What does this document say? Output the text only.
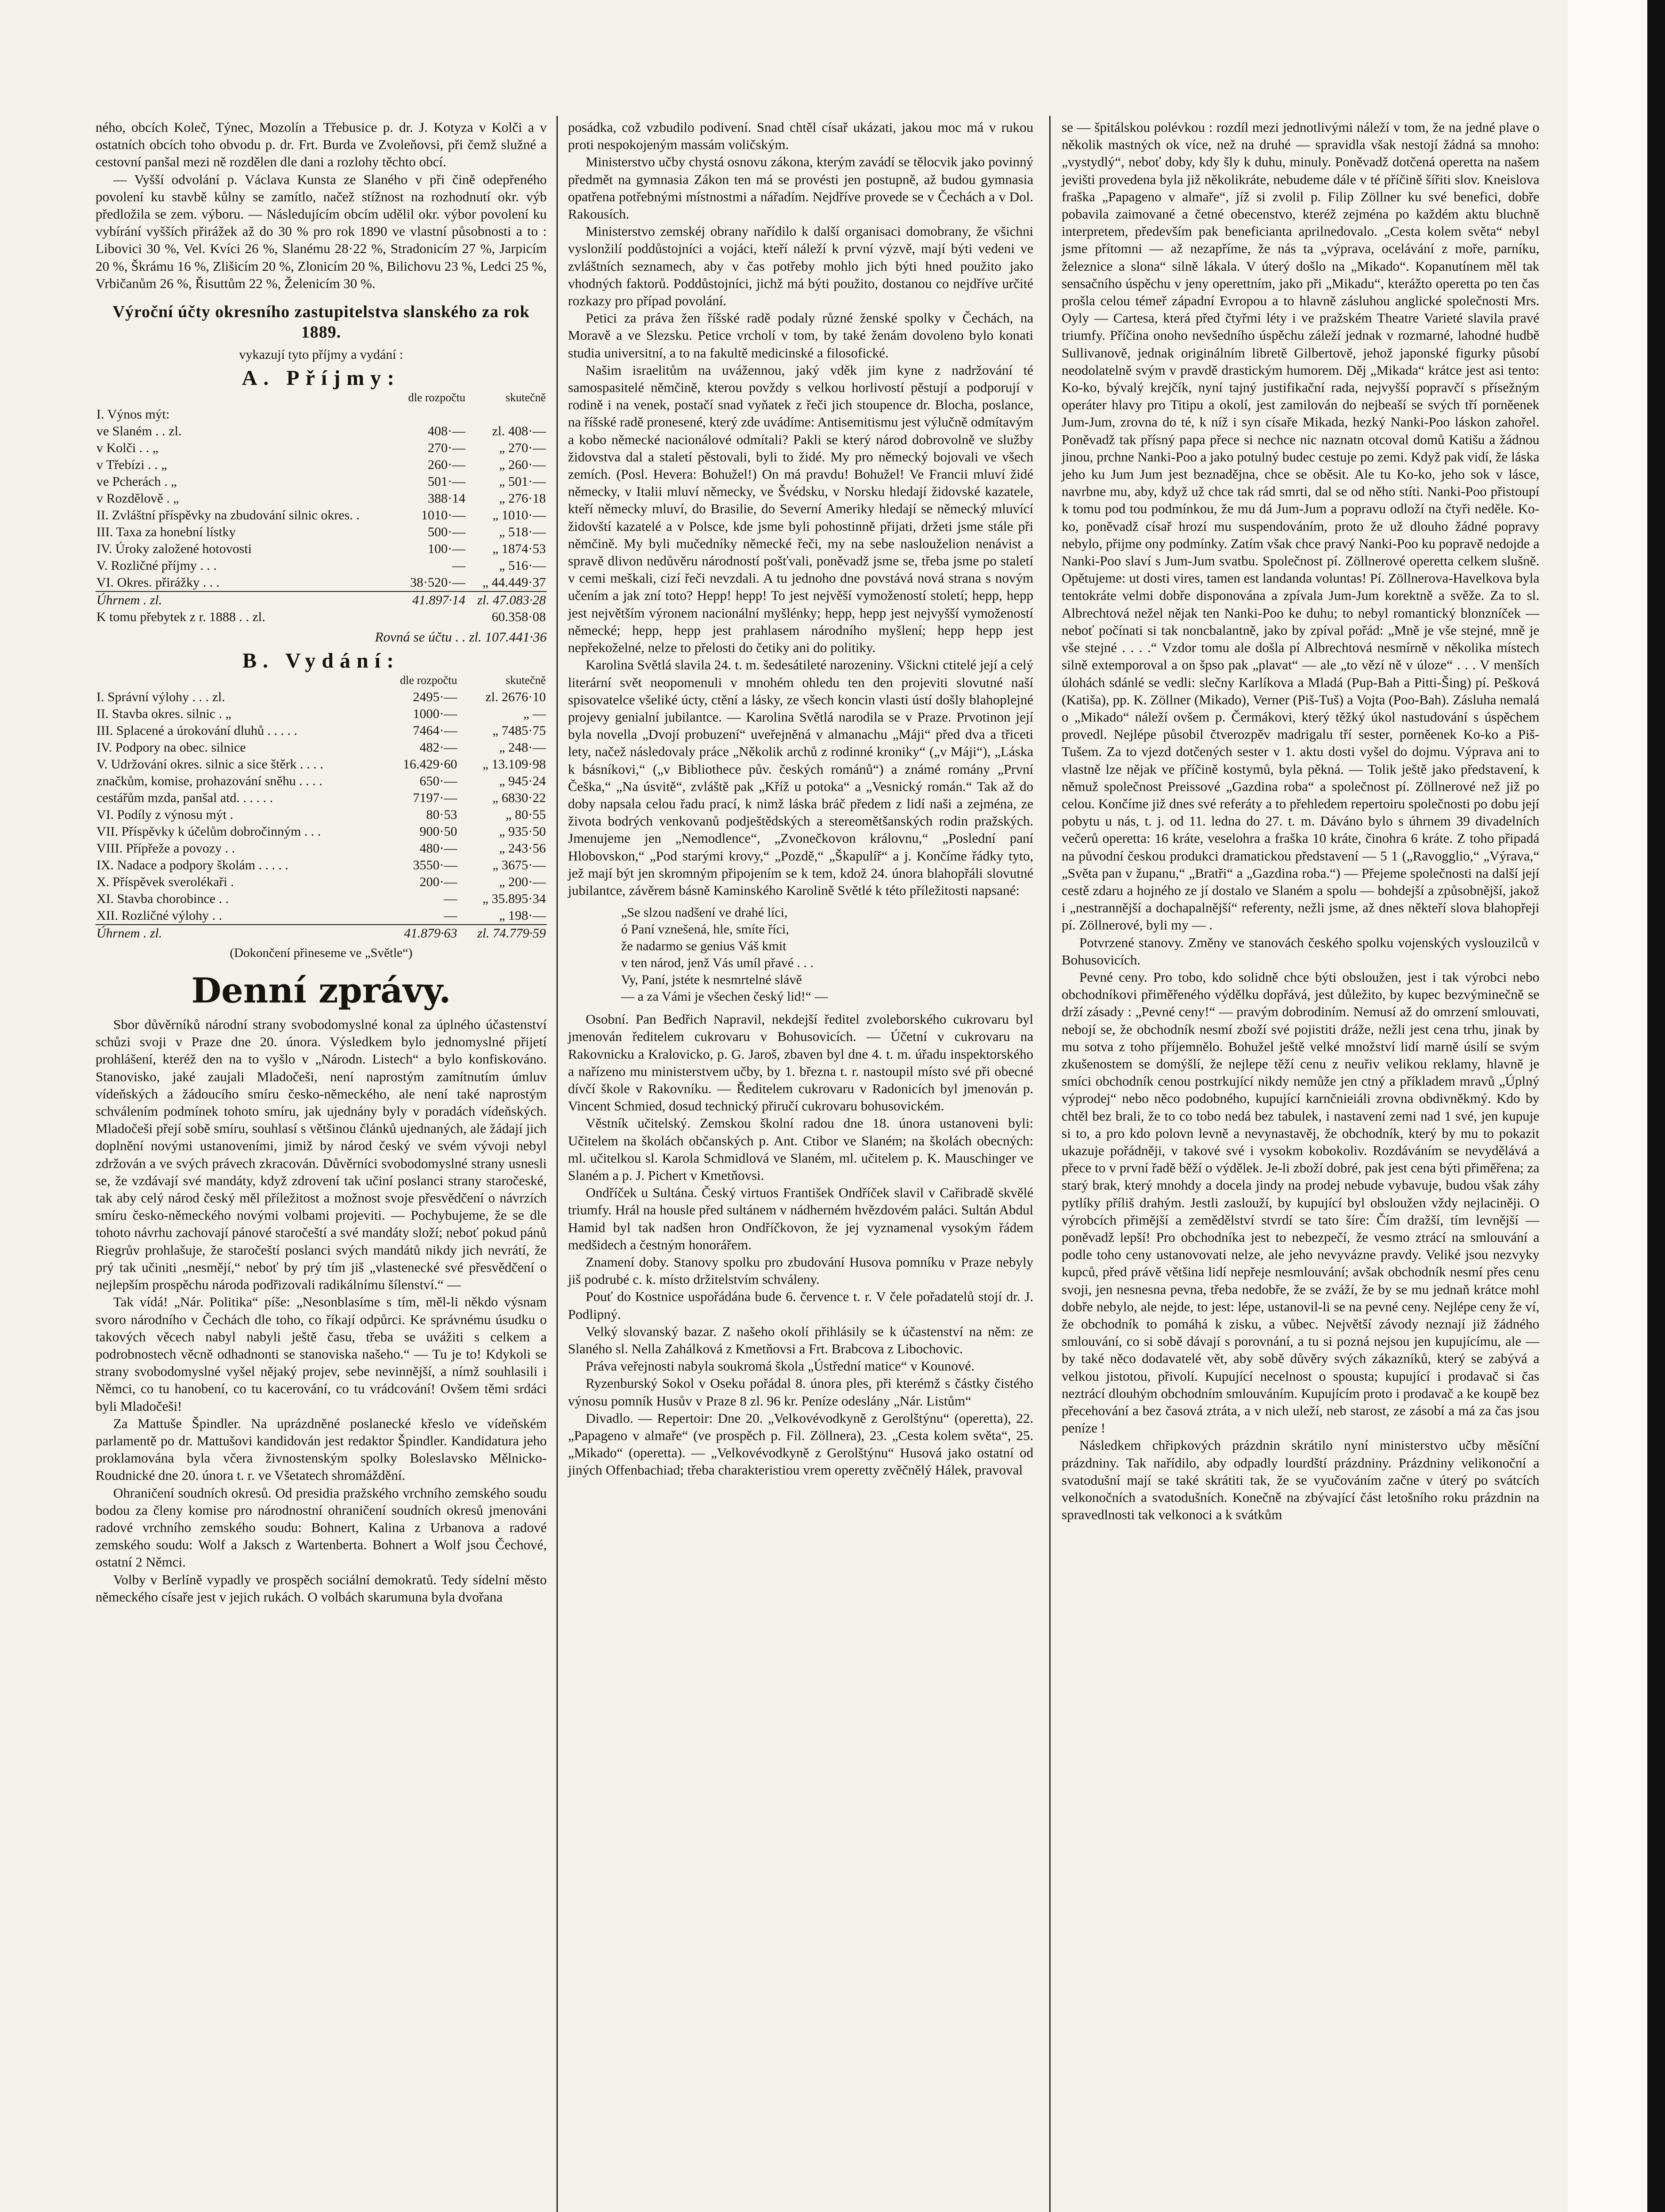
ného, obcích Koleč, Týnec, Mozolín a Třebusice p. dr. J. Kotyza v Kolči a v ostatních obcích toho obvodu p. dr. Frt. Burda ve Zvoleňovsi, při čemž služné a cestovní panšal mezi ně rozdělen dle dani a rozlohy těchto obcí.

— Vyšší odvolání p. Václava Kunsta ze Slaného v při čině odepřeného povolení ku stavbě kůlny se zamítlo, načež stížnost na rozhodnutí okr. výb předložila se zem. výboru. — Následujícím obcím udělil okr. výbor povolení ku vybírání vyšších přirážek až do 30 % pro rok 1890 ve vlastní působnosti a to : Libovici 30 %, Vel. Kvíci 26 %, Slanému 28·22 %, Stradonicím 27 %, Jarpicím 20 %, Škrámu 16 %, Zlišicím 20 %, Zlonicím 20 %, Bilichovu 23 %, Ledci 25 %, Vrbičanům 26 %, Řisuttům 22 %, Želenicím 30 %.

Výroční účty okresního zastupitelstva slanského za rok 1889.
vykazují tyto příjmy a vydání :
A. Příjmy:
	dle rozpočtu	skutečně
I. Výnos mýt:		
ve Slaném . . zl.	408·—	zl. 408·—
v Kolči . . „	270·—	„ 270·—
v Třebízi . . „	260·—	„ 260·—
ve Pcherách . „	501·—	„ 501·—
v Rozdělově . „	388·14	„ 276·18
II. Zvláštní příspěvky na zbudování silnic okres. .	1010·—	„ 1010·—
III. Taxa za honební lístky	500·—	„ 518·—
IV. Úroky založené hotovosti	100·—	„ 1874·53
V. Rozličné příjmy . . .	—	„ 516·—
VI. Okres. přirážky . . .	38·520·—	„ 44.449·37
Úhrnem . zl.	41.897·14	zl. 47.083·28
K tomu přebytek z r. 1888 . . zl.		60.358·08
Rovná se účtu . . zl. 107.441·36
B. Vydání:
	dle rozpočtu	skutečně
I. Správní výlohy . . . zl.	2495·—	zl. 2676·10
II. Stavba okres. silnic . „	1000·—	„ —
III. Splacené a úrokování dluhů . . . . .	7464·—	„ 7485·75
IV. Podpory na obec. silnice	482·—	„ 248·—
V. Udržování okres. silnic a sice štěrk . . . .	16.429·60	„ 13.109·98
značkům, komise, prohazování sněhu . . . .	650·—	„ 945·24
cestářům mzda, panšal atd. . . . . .	7197·—	„ 6830·22
VI. Podíly z výnosu mýt .	80·53	„ 80·55
VII. Příspěvky k účelům dobročinným . . .	900·50	„ 935·50
VIII. Přípřeže a povozy . .	480·—	„ 243·56
IX. Nadace a podpory školám . . . . .	3550·—	„ 3675·—
X. Příspěvek sverolékaři .	200·—	„ 200·—
XI. Stavba chorobince . .	—	„ 35.895·34
XII. Rozličné výlohy . .	—	„ 198·—
Úhrnem . zl.	41.879·63	zl. 74.779·59
(Dokončení přineseme ve „Světle“)
Denní zprávy.

Sbor důvěrníků národní strany svobodomyslné konal za úplného účastenství schůzi svoji v Praze dne 20. února. Výsledkem bylo jednomyslné přijetí prohlášení, kteréž den na to vyšlo v „Národn. Listech“ a bylo konfiskováno. Stanovisko, jaké zaujali Mladočeši, není naprostým zamítnutím úmluv vídeňských a žádoucího smíru česko-německého, ale není také naprostým schválením podmínek tohoto smíru, jak ujednány byly v poradách vídeňských. Mladočeši přejí sobě smíru, souhlasí s většinou článků ujednaných, ale žádají jich doplnění novými ustanoveními, jimiž by národ český ve svém vývoji nebyl zdržován a ve svých právech zkracován. Důvěrníci svobodomyslné strany usnesli se, že vzdávají své mandáty, když zdrovení tak učiní poslanci strany staročeské, tak aby celý národ český měl příležitost a možnost svoje přesvědčení o návrzích smíru česko-německého novými volbami projeviti. — Pochybujeme, že se dle tohoto návrhu zachovají pánové staročeští a své mandáty složí; neboť pokud pánů Riegrův prohlašuje, že staročeští poslanci svých mandátů nikdy jich nevrátí, že prý tak učiniti „nesmějí,“ neboť by prý tím jiš „vlastenecké své přesvědčení o nejlepším prospěchu národa podřizovali radikálnímu šílenství.“ —

Tak vídá! „Nár. Politika“ píše: „Nesonblasíme s tím, měl-li někdo výsnam svoro národního v Čechách dle toho, co říkají odpůrci. Ke správnému úsudku o takových věcech nabyl nabyli ještě času, třeba se uvážiti s celkem a podrobnostech věcně odhadnonti se stanoviska našeho.“ — Tu je to! Kdykoli se strany svobodomyslné vyšel nějaký projev, sebe nevinnější, a nímž souhlasili i Němci, co tu hanobení, co tu kacerování, co tu vrádcování! Ovšem těmi srdáci byli Mladočeši!

Za Mattuše Špindler. Na uprázdněné poslanecké křeslo ve vídeňském parlamentě po dr. Mattušovi kandidován jest redaktor Špindler. Kandidatura jeho proklamována byla včera živnostenským spolky Boleslavsko Mělnicko-Roudnické dne 20. února t. r. ve Všetatech shromáždění.

Ohraničení soudních okresů. Od presidia pražského vrchního zemského soudu bodou za členy komise pro národnostní ohraničení soudních okresů jmenováni radové vrchního zemského soudu: Bohnert, Kalina z Urbanova a radové zemského soudu: Wolf a Jaksch z Wartenberta. Bohnert a Wolf jsou Čechové, ostatní 2 Němci.

Volby v Berlíně vypadly ve prospěch sociální demokratů. Tedy sídelní město německého císaře jest v jejich rukách. O volbách skarumuna byla dvořana

posádka, což vzbudilo podivení. Snad chtěl císař ukázati, jakou moc má v rukou proti nespokojeným massám voličským.

Ministerstvo učby chystá osnovu zákona, kterým zavádí se tělocvik jako povinný předmět na gymnasia Zákon ten má se provésti jen postupně, až budou gymnasia opatřena potřebnými místnostmi a nářadím. Nejdříve provede se v Čechách a v Dol. Rakousích.

Ministerstvo zemskéj obrany nařídilo k další organisaci domobrany, že všichni vyslonžilí poddůstojníci a vojáci, kteří náleží k první výzvě, mají býti vedeni ve zvláštních seznamech, aby v čas potřeby mohlo jich býti hned použito jako vhodných faktorů. Poddůstojníci, jichž má býti použito, dostanou co nejdříve určité rozkazy pro případ povolání.

Petici za práva žen říšské radě podaly různé ženské spolky v Čechách, na Moravě a ve Slezsku. Petice vrcholí v tom, by také ženám dovoleno bylo konati studia universitní, a to na fakultě medicinské a filosofické.

Našim israelitům na uvážennou, jaký vděk jim kyne z nadržování té samospasitelé němčině, kterou povždy s velkou horlivostí pěstují a podporují v rodině i na venek, postačí snad vyňatek z řeči jich stoupence dr. Blocha, poslance, na říšské radě pronesené, který zde uvádíme: Antisemitismu jest výlučně odmítavým a kobo německé nacionálové odmítali? Pakli se který národ dobrovolně ve služby židovstva dal a staletí pěstovali, byli to židé. My pro německý bojovali ve všech zemích. (Posl. Hevera: Bohužel!) On má pravdu! Bohužel! Ve Francii mluví židé německy, v Italii mluví německy, ve Švédsku, v Norsku hledají židovské kazatele, kteří německy mluví, do Brasilie, do Severní Ameriky hledají se německý mluvící židovští kazatelé a v Polsce, kde jsme byli pohostinně přijati, držeti jsme stále při němčině. My byli mučedníky německé řeči, my na sebe naslouželion nenávist a spravě dlivon nedůvěru národností pošťvali, poněvadž jsme se, třeba jsme po staletí v cemi meškali, cizí řeči nevzdali. A tu jednoho dne povstává nová strana s novým učením a jak zní toto? Hepp! hepp! To jest nejvěší vymožeností století; hepp, hepp jest největším výronem nacionální myšlénky; hepp, hepp jest nejvyšší vymožeností německé; hepp, hepp jest prahlasem národního myšlení; hepp hepp jest nepřekoželné, nelze to přelosti do četiky ani do politiky.

Karolina Světlá slavila 24. t. m. šedesátileté narozeniny. Všickni ctitelé její a celý literární svět neopomenuli v mnohém ohledu ten den projeviti slovutné naší spisovatelce všeliké úcty, ctění a lásky, ze všech koncin vlasti ústí došly blahoplejné projevy genialní jubilantce. — Karolina Světlá narodila se v Praze. Prvotinon její byla novella „Dvojí probuzení“ uveřejněná v almanachu „Máji“ před dva a třiceti lety, načež následovaly práce „Několik archů z rodinné kroniky“ („v Máji“), „Láska k básníkovi,“ („v Bibliothece pův. českých románů“) a známé romány „První Češka,“ „Na úsvitě“, zvláště pak „Kříž u potoka“ a „Vesnický román.“ Tak až do doby napsala celou řadu prací, k nimž láska bráč předem z lidí naši a zejména, ze života bodrých venkovanů podještědských a stereomětšanských rodin pražských. Jmenujeme jen „Nemodlence“, „Zvonečkovon královnu,“ „Poslední paní Hlobovskon,“ „Pod starými krovy,“ „Pozdě,“ „Škapulíř“ a j. Končíme řádky tyto, jež mají být jen skromným připojením se k tem, kdož 24. února blahopřáli slovutné jubilantce, závěrem básně Kaminského Karolině Světlé k této příležitosti napsané:

„Se slzou nadšení ve drahé líci,
ó Paní vznešená, hle, smíte říci,
že nadarmo se genius Váš kmit
v ten národ, jenž Vás umíl přavé . . .
Vy, Paní, jstéte k nesmrtelné slávě
— a za Vámi je všechen český lid!“ —

Osobní. Pan Bedřich Napravil, nekdejší ředitel zvoleborského cukrovaru byl jmenován ředitelem cukrovaru v Bohusovicích. — Účetní v cukrovaru na Rakovnicku a Kralovicko, p. G. Jaroš, zbaven byl dne 4. t. m. úřadu inspektorského a nařízeno mu ministerstvem učby, by 1. března t. r. nastoupil místo své při obecné dívčí škole v Rakovníku. — Ředitelem cukrovaru v Radonicích byl jmenován p. Vincent Schmied, dosud technický přiručí cukrovaru bohusovickém.

Věstník učitelský. Zemskou školní radou dne 18. února ustanoveni byli: Učitelem na školách občanských p. Ant. Ctibor ve Slaném; na školách obecných: ml. učitelkou sl. Karola Schmidlová ve Slaném, ml. učitelem p. K. Mauschinger ve Slaném a p. J. Pichert v Kmetňovsi.

Ondříček u Sultána. Český virtuos František Ondříček slavil v Cařibradě skvělé triumfy. Hrál na housle před sultánem v nádherném hvězdovém paláci. Sultán Abdul Hamid byl tak nadšen hron Ondříčkovon, že jej vyznamenal vysokým řádem medšidech a čestným honorářem.

Znamení doby. Stanovy spolku pro zbudování Husova pomníku v Praze nebyly jiš podrubé c. k. místo držitelstvím schváleny.

Pouť do Kostnice uspořádána bude 6. července t. r. V čele pořadatelů stojí dr. J. Podlipný.

Velký slovanský bazar. Z našeho okolí přihlásily se k účastenství na něm: ze Slaného sl. Nella Zahálková z Kmetňovsi a Frt. Brabcova z Libochovic.

Práva veřejnosti nabyla soukromá škola „Ústřední matice“ v Kounové.

Ryzenburský Sokol v Oseku pořádal 8. února ples, při kterémž s částky čistého výnosu pomník Husův v Praze 8 zl. 96 kr. Peníze odeslány „Nár. Listům“

Divadlo. — Repertoir: Dne 20. „Velkovévodkyně z Gerolštýnu“ (operetta), 22. „Papageno v almaře“ (ve prospěch p. Fil. Zöllnera), 23. „Cesta kolem světa“, 25. „Mikado“ (operetta). — „Velkovévodkyně z Gerolštýnu“ Husová jako ostatní od jiných Offenbachiad; třeba charakteristiou vrem operetty zvěčnělý Hálek, pravoval

se — špitálskou polévkou : rozdíl mezi jednotlivými náleží v tom, že na jedné plave o několik mastných ok více, než na druhé — spravidla však nestojí žádná sa mnoho: „vystydlý“, neboť doby, kdy šly k duhu, minuly. Poněvadž dotčená operetta na našem jevišti provedena byla již několikráte, nebudeme dále v té příčině šířiti slov. Kneislova fraška „Papageno v almaře“, jíž si zvolil p. Filip Zöllner ku své benefici, dobře pobavila zaimované a četné obecenstvo, kteréž zejména po každém aktu bluchně interpretem, především pak beneficianta aprilnedovalo. „Cesta kolem světa“ nebyl jsme přítomni — až nezapříme, že nás ta „výprava, ocelávání z moře, parníku, železnice a slona“ silně lákala. V úterý došlo na „Mikado“. Kopanutínem měl tak sensačního úspěchu v jeny operettním, jako při „Mikadu“, kterážto operetta po ten čas prošla celou témeř západní Evropou a to hlavně zásluhou anglické společnosti Mrs. Oyly — Cartesa, která před čtyřmi léty i ve pražském Theatre Varieté slavila pravé triumfy. Příčina onoho nevšedního úspěchu záleží jednak v rozmarné, lahodné hudbě Sullivanově, jednak originálním libretě Gilbertově, jehož japonské figurky působí neodolatelně svým v pravdě drastickým humorem. Děj „Mikada“ krátce jest asi tento: Ko-ko, bývalý krejčík, nyní tajný justifikační rada, nejvyšší popravčí s přísežným operáter hlavy pro Titipu a okolí, jest zamilován do nejbeaší se svých tří porněenek Jum-Jum, zrovna do té, k níž i syn císaře Mikada, hezký Nanki-Poo láskon zahořel. Poněvadž tak přísný papa přece si nechce nic naznatn otcoval domů Katišu a žádnou jinou, prchne Nanki-Poo a jako potulný budec cestuje po zemi. Když pak vidí, že láska jeho ku Jum Jum jest beznadějna, chce se oběsit. Ale tu Ko-ko, jeho sok v lásce, navrbne mu, aby, když už chce tak rád smrti, dal se od něho stíti. Nanki-Poo přistoupí k tomu pod tou podmínkou, že mu dá Jum-Jum a popravu odloží na čtyři neděle. Ko-ko, poněvadž císař hrozí mu suspendováním, proto že už dlouho žádné popravy nebylo, přijme ony podmínky. Zatím však chce pravý Nanki-Poo ku popravě nedojde a Nanki-Poo slaví s Jum-Jum svatbu. Společnost pí. Zöllnerové operetta celkem slušně. Opětujeme: ut dosti vires, tamen est landanda voluntas! Pí. Zöllnerova-Havelkova byla tentokráte velmi dobře disponována a zpívala Jum-Jum korektně a svěže. Za to sl. Albrechtová nežel nějak ten Nanki-Poo ke duhu; to nebyl romantický blonzníček — neboť počínati si tak noncbalantně, jako by zpíval pořád: „Mně je vše stejné, mně je vše stejné . . . .“ Vzdor tomu ale došla pí Albrechtová nesmírně v několika místech silně extemporoval a on špso pak „plavat“ — ale „to vězí ně v úloze“ . . . V menších úlohách sdánlé se vedli: slečny Karlíkova a Mladá (Pup-Bah a Pitti-Šing) pí. Pešková (Katiša), pp. K. Zöllner (Mikado), Verner (Piš-Tuš) a Vojta (Poo-Bah). Zásluha nemalá o „Mikado“ náleží ovšem p. Čermákovi, který těžký úkol nastudování s úspěchem provedl. Nejlépe působil čtverozpěv madrigalu tří sester, porněenek Ko-ko a Piš-Tušem. Za to vjezd dotčených sester v 1. aktu dosti vyšel do dojmu. Výprava ani to vlastně lze nějak ve příčině kostymů, byla pěkná. — Tolik ještě jako představení, k němuž společnost Preissové „Gazdina roba“ a společnost pí. Zöllnerové než již po celou. Končíme již dnes své referáty a to přehledem repertoiru společnosti po dobu její pobytu u nás, t. j. od 11. ledna do 27. t. m. Dáváno bylo s úhrnem 39 divadelních večerů operetta: 16 kráte, veselohra a fraška 10 kráte, činohra 6 kráte. Z toho připadá na původní českou produkci dramatickou představení — 5 1 („Ravogglio,“ „Výrava,“ „Světa pan v županu,“ „Bratři“ a „Gazdina roba.“) — Přejeme společnosti na další její cestě zdaru a hojného ze jí dostalo ve Slaném a spolu — bohdejší a způsobnější, jakož i „nestrannější a dochapalnější“ referenty, nežli jsme, až dnes někteří slova blahopřeji pí. Zöllnerové, byli my — .

Potvrzené stanovy. Změny ve stanovách českého spolku vojenských vyslouzilců v Bohusovicích.

Pevné ceny. Pro tobo, kdo solidně chce býti obsloužen, jest i tak výrobci nebo obchodníkovi přiměřeného výdělku dopřává, jest důležito, by kupec bezvýminečně se drží zásady : „Pevné ceny!“ — pravým dobrodiním. Nemusí až do omrzení smlouvati, nebojí se, že obchodník nesmí zboží své pojistiti dráže, nežli jest cena trhu, jinak by mu sotva z toho příjemnělo. Bohužel ještě velké množství lidí marně úsilí se svým zkušenostem se domýšlí, že nejlepe těží cenu z neuřiv velikou reklamy, hlavně je smíci obchodník cenou postrkující nikdy nemůže jen ctný a příkladem mravů „Úplný výprodej“ nebo něco podobného, kupující karnčnieiáli zrovna obdivněkmý. Kdo by chtěl bez brali, že to co tobo nedá bez tabulek, i nastavení zemi nad 1 své, jen kupuje si to, a pro kdo polovn levně a nevynastavěj, že obchodník, který by mu to pokazit ukazuje pořádněji, v takové své i vysokm kobokoliv. Rozdáváním se nevydělává a přece to v první řadě běží o výdělek. Je-li zboží dobré, pak jest cena býti přiměřena; za starý brak, který mnohdy a docela jindy na prodej nebude vybavuje, budou však záhy pytlíky příliš drahým. Jestli zaslouží, by kupující byl obsloužen vždy nejlaciněji. O výrobcích přimější a zemědělství stvrdí se tato šíre: Čím dražší, tím levnější — poněvadž lepší! Pro obchodníka jest to nebezpečí, že vesmo ztrácí na smlouvání a podle toho ceny ustanovovati nelze, ale jeho nevyvázne pravdy. Veliké jsou nezvyky kupců, před právě většina lidí nepřeje nesmlouvání; avšak obchodník nesmí přes cenu svoji, jen nesnesna pevna, třeba nedobře, že se zváží, že by se mu jednaň krátce mohl dobře nebylo, ale nejde, to jest: lépe, ustanovil-li se na pevné ceny. Nejlépe ceny že ví, že obchodník to pomáhá k zisku, a vůbec. Největší závody neznají již žádného smlouvání, co si sobě dávají s porovnání, a tu si pozná nejsou jen kupujícímu, ale — by také něco dodavatelé vět, aby sobě důvěry svých zákazníků, který se zabývá a velkou jistotou, přivolí. Kupující necelnost o spousta; kupující i prodavač si čas neztrácí dlouhým obchodním smlouváním. Kupujícím proto i prodavač a ke koupě bez přecehování a bez časová ztráta, a v nich uleží, neb starost, ze zásobí a má za čas jsou peníze !

Následkem chřipkových prázdnin skrátilo nyní ministerstvo učby měsíční prázdniny. Tak nařídilo, aby odpadly lourdští prázdniny. Prázdniny velikonoční a svatodušní mají se také skrátiti tak, že se vyučováním začne v úterý po svátcích velkonočních a svatodušních. Konečně na zbývající část letošního roku prázdnin na spravedlnosti tak velkonoci a k svátkům
